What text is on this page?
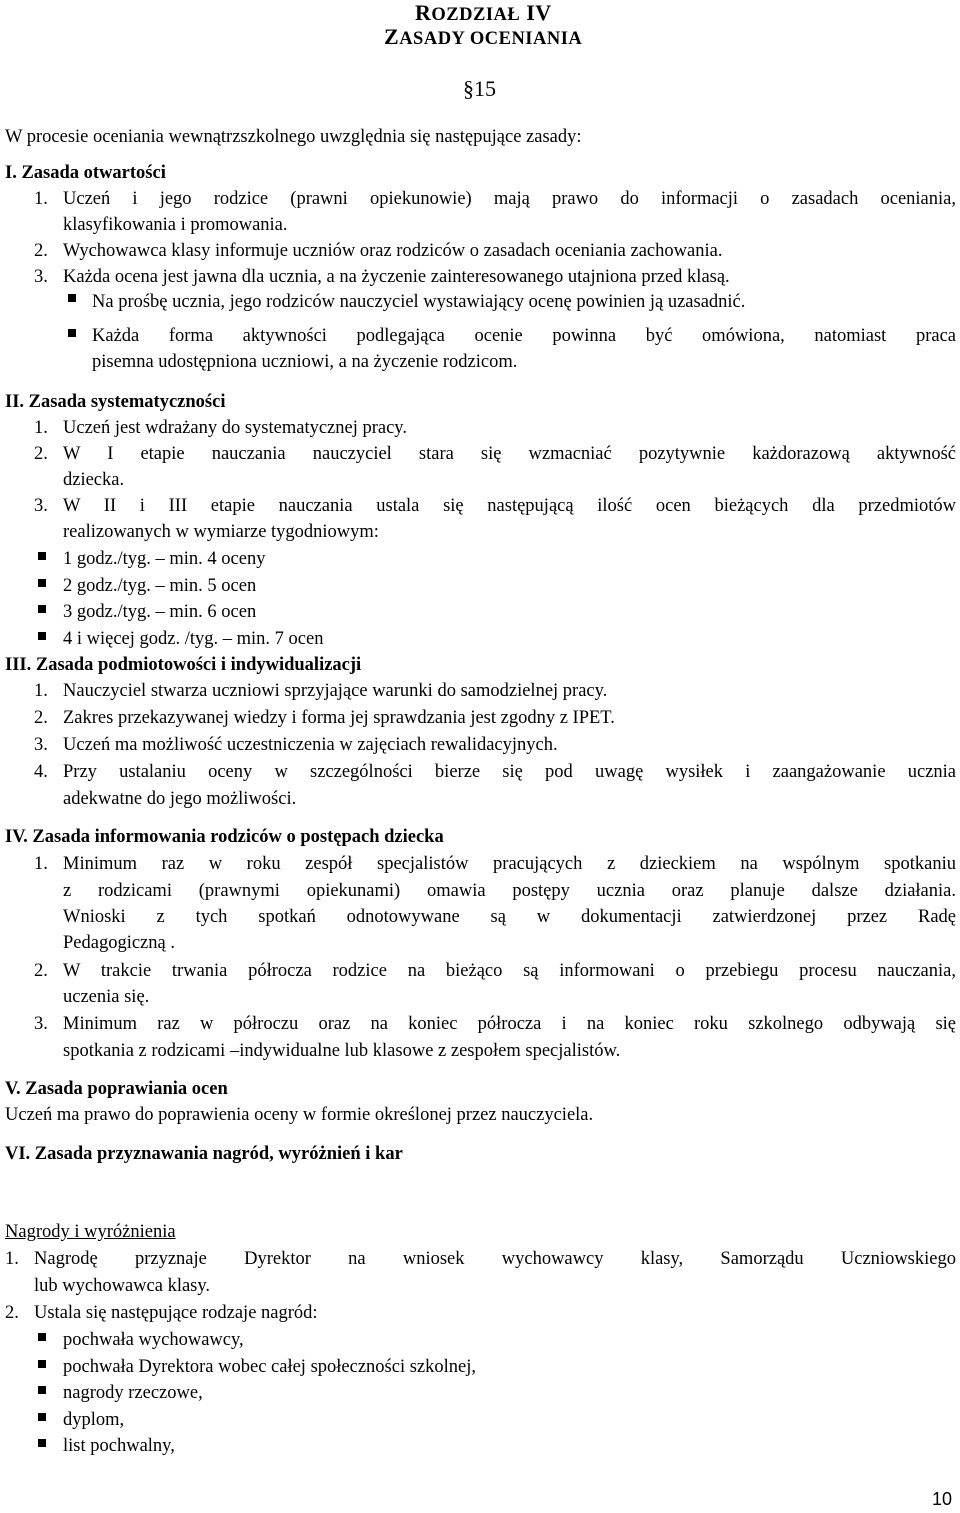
ROZDZIAŁ IV
ZASADY OCENIANIA
§15
W procesie oceniania wewnątrzszkolnego uwzględnia się następujące zasady:
I. Zasada otwartości
1. Uczeń i jego rodzice (prawni opiekunowie) mają prawo do informacji o zasadach oceniania,
klasyfikowania i promowania.
2. Wychowawca klasy informuje uczniów oraz rodziców o zasadach oceniania zachowania.
3. Każda ocena jest jawna dla ucznia, a na życzenie zainteresowanego utajniona przed klasą.
Na prośbę ucznia, jego rodziców nauczyciel wystawiający ocenę powinien ją uzasadnić.
Każda forma aktywności podlegająca ocenie powinna być omówiona, natomiast praca
pisemna udostępniona uczniowi, a na życzenie rodzicom.
II. Zasada systematyczności
1. Uczeń jest wdrażany do systematycznej pracy.
2. W I etapie nauczania nauczyciel stara się wzmacniać pozytywnie każdorazową aktywność
dziecka.
3. W II i III etapie nauczania ustala się następującą ilość ocen bieżących dla przedmiotów
realizowanych w wymiarze tygodniowym:
1 godz./tyg. – min. 4 oceny
2 godz./tyg. – min. 5 ocen
3 godz./tyg. – min. 6 ocen
4 i więcej godz. /tyg. – min. 7 ocen
III. Zasada podmiotowości i indywidualizacji
1. Nauczyciel stwarza uczniowi sprzyjające warunki do samodzielnej pracy.
2. Zakres przekazywanej wiedzy i forma jej sprawdzania jest zgodny z IPET.
3. Uczeń ma możliwość uczestniczenia w zajęciach rewalidacyjnych.
4. Przy ustalaniu oceny w szczególności bierze się pod uwagę wysiłek i zaangażowanie ucznia
adekwatne do jego możliwości.
IV. Zasada informowania rodziców o postępach dziecka
1. Minimum raz w roku zespół specjalistów pracujących z dzieckiem na wspólnym spotkaniu
z rodzicami (prawnymi opiekunami) omawia postępy ucznia oraz planuje dalsze działania.
Wnioski z tych spotkań odnotowywane są w dokumentacji zatwierdzonej przez Radę
Pedagogiczną .
2. W trakcie trwania półrocza rodzice na bieżąco są informowani o przebiegu procesu nauczania,
uczenia się.
3. Minimum raz w półroczu oraz na koniec półrocza i na koniec roku szkolnego odbywają się
spotkania z rodzicami –indywidualne lub klasowe z zespołem specjalistów.
V. Zasada poprawiania ocen
Uczeń ma prawo do poprawienia oceny w formie określonej przez nauczyciela.
VI. Zasada przyznawania nagród, wyróżnień i kar
Nagrody i wyróżnienia
1. Nagrodę przyznaje Dyrektor na wniosek wychowawcy klasy, Samorządu Uczniowskiego
lub wychowawca klasy.
2. Ustala się następujące rodzaje nagród:
pochwała wychowawcy,
pochwała Dyrektora wobec całej społeczności szkolnej,
nagrody rzeczowe,
dyplom,
list pochwalny,
10
